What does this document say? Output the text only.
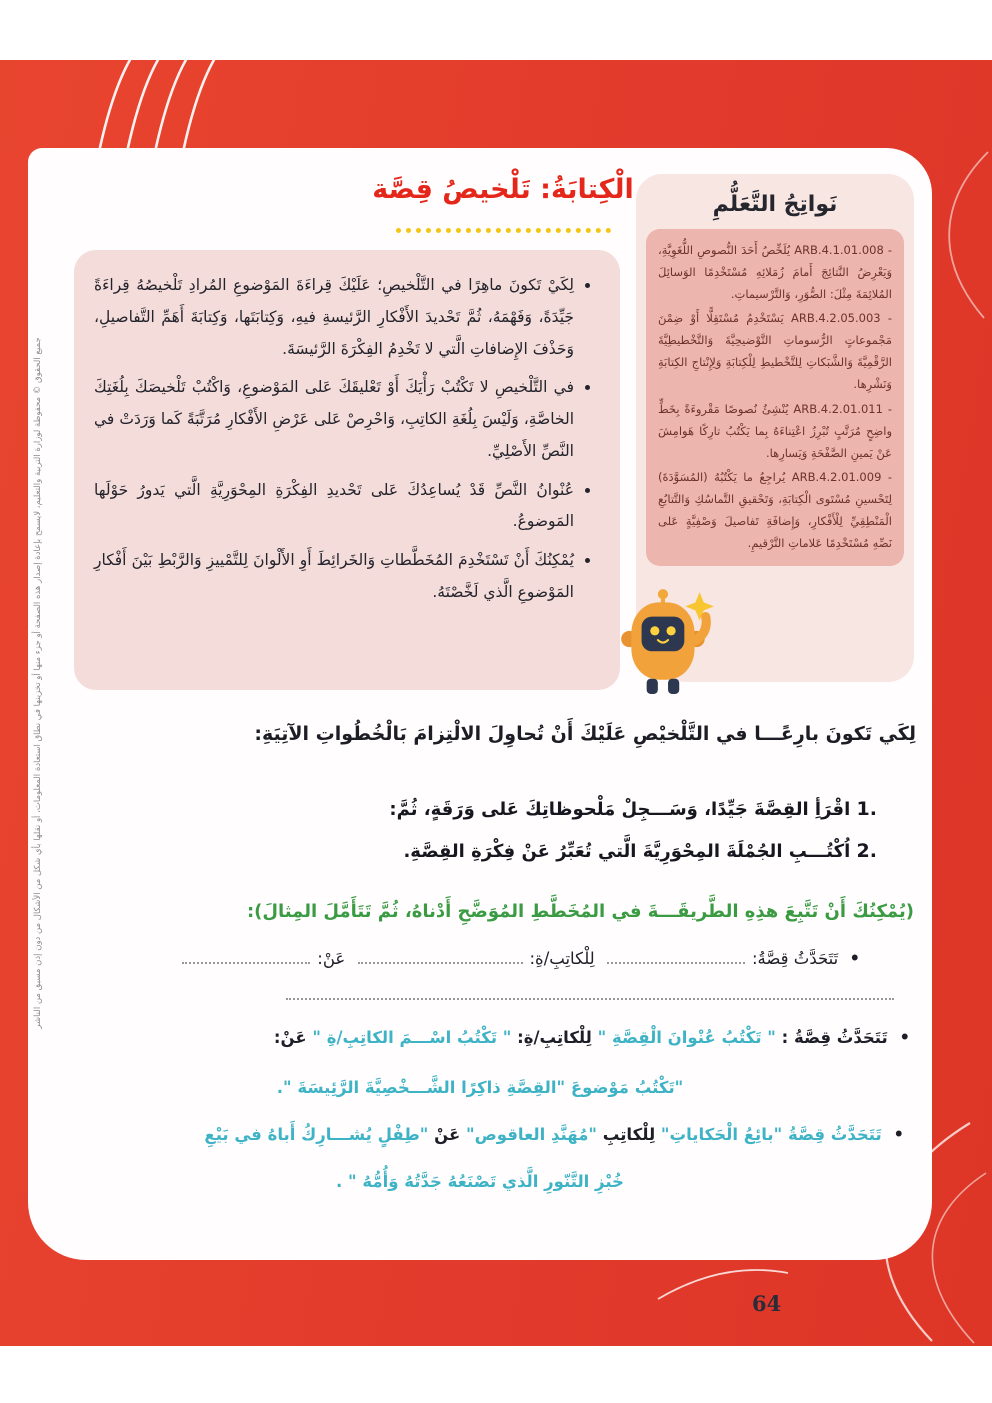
الْكِتابَةُ: تَلْخيصُ قِصَّة	نَواتِجُ التَّعَلُّمِ
- ARB.4.1.01.008 يُلَخِّصُ أَحَدَ النُّصوصِ اللُّغَوِيَّةِ، وَيَعْرِضُ النَّتائِجَ أَمامَ زُمَلائِهِ مُسْتَخْدِمًا الوَسائِلَ المُلائِمَةَ مِثْلَ: الصُّوَرِ، وَالتَّرْسيماتِ.
- ARB.4.2.05.003 يَسْتَخْدِمُ مُسْتَقِلًّا أَوْ ضِمْنَ مَجْموعاتٍ الرُّسوماتِ التَّوْضيحِيَّةَ وَالتَّخْطيطِيَّةَ الرَّقْمِيَّةَ وَالشَّبَكاتِ لِلتَّخْطيطِ لِلْكِتابَةِ وَلِإِنْتاجِ الكِتابَةِ وَنَشْرِها.
- ARB.4.2.01.011 يُنْشِئُ نُصوصًا مَقْروءَةً بِخَطٍّ واضِحٍ مُرَتَّبٍ تُبْرِزُ اعْتِناءَهُ بِما يَكْتُبُ تارِكًا هَوامِشَ عَنْ يَمينِ الصَّفْحَةِ وَيَسارِها.
- ARB.4.2.01.009 يُراجِعُ ما يَكْتُبُهُ (المُسَوَّدَةَ) لِتَحْسينِ مُسْتَوى الْكِتابَةِ، وَتَحْقيقِ التَّماسُكِ وَالتَّتابُعِ الْمَنْطِقِيِّ لِلْأَفْكارِ، وَإِضافَةِ تَفاصيلَ وَصْفِيَّةٍ عَلى نَصِّهِ مُسْتَخْدِمًا عَلاماتِ التَّرْقيمِ.
• لِكَيْ تَكونَ ماهِرًا في التَّلْخيصِ؛ عَلَيْكَ قِراءَةَ المَوْضوعِ المُرادِ تَلْخيصُهُ قِراءَةً جَيِّدَةً، وَفَهْمَهُ، ثُمَّ تَحْديدَ الأَفْكارِ الرَّئيسةِ فيهِ، وَكِتابَتَها، وَكِتابَةَ أَهَمِّ التَّفاصيلِ، وَحَذْفَ الإِضافاتِ الَّتي لا تَخْدِمُ الفِكْرَةَ الرَّئيسَةَ.
• في التَّلْخيصِ لا تَكْتُبْ رَأْيَكَ أَوْ تَعْليقَكَ عَلى المَوْضوعِ، وَاكْتُبْ تَلْخيصَكَ بِلُغَتِكَ الخاصَّةِ، وَلَيْسَ بِلُغَةِ الكاتِبِ، وَاحْرِصْ عَلى عَرْضِ الأَفْكارِ مُرَتَّبَةً كَما وَرَدَتْ في النَّصِّ الأَصْلِيِّ.
• عُنْوانُ النَّصِّ قَدْ يُساعِدُكَ عَلى تَحْديدِ الفِكْرَةِ المِحْوَرِيَّةِ الَّتي يَدورُ حَوْلَها المَوضوعُ.
• يُمْكِنُكَ أَنْ تَسْتَخْدِمَ المُخَطَّطاتِ وَالخَرائِطَ أَوِ الأَلْوانَ لِلتَّمْييزِ وَالرَّبْطِ بَيْنَ أَفْكارِ المَوْضوعِ الَّذي لَخَّصْتَهُ.
لِكَي تَكونَ بارِعًـــا في التَّلْخيْصِ عَلَيْكَ أَنْ تُحاوِلَ الالْتِزامَ بَالْخُطُواتِ الآتِيَةِ:
1. اقْرَأِ القِصَّةَ جَيِّدًا، وَسَـــجِلْ مَلْحوظاتِكَ عَلى وَرَقَةٍ، ثُمَّ:
2. اُكْتُـــبِ الجُمْلَةَ المِحْوَرِيَّةَ الَّتي تُعَبِّرُ عَنْ فِكْرَةِ القِصَّةِ.
(يُمْكِنُكَ أَنْ تَتَّبِعَ هذِهِ الطَّريقَـــةَ في المُخَطَّطِ المُوَضَّحِ أَدْناهُ، ثُمَّ تَتَأَمَّلَ المِثالَ):
• تَتَحَدَّثُ قِصَّةُ: لِلْكاتِبِ/ةِ: عَنْ:
• تَتَحَدَّثُ قِصَّةُ : " تَكْتُبُ عُنْوانَ الْقِصَّةِ " لِلْكاتِبِ/ةِ: " تَكْتُبُ اسْـــمَ الكاتِبِ/ةِ " عَنْ:
"تَكْتُبُ مَوْضوعَ "القِصَّةِ ذاكِرًا الشَّـــخْصِيَّةَ الرَّئِيسَةَ ".
• تَتَحَدَّثُ قِصَّةُ "بائِعُ الْحَكاياتِ" لِلْكاتِبِ "مُهَنَّدِ العاقوص" عَنْ "طِفْلٍ يُشـــارِكُ أَباهُ في بَيْعِ
خُبْزِ التَّنّورِ الَّذي تَصْنَعُهُ جَدَّتُهُ وَأُمُّهُ " .
جميع الحقوق © محفوظة لوزارة التربية والتعليم، لايسمح بإعادة إصدار هذه الصفحة أو جزء منها أو تخزينها في نطاق استعادة المعلومات، أو نقلها بأي شكل من الأشكال من دون إذن مسبق من الناشر
64
